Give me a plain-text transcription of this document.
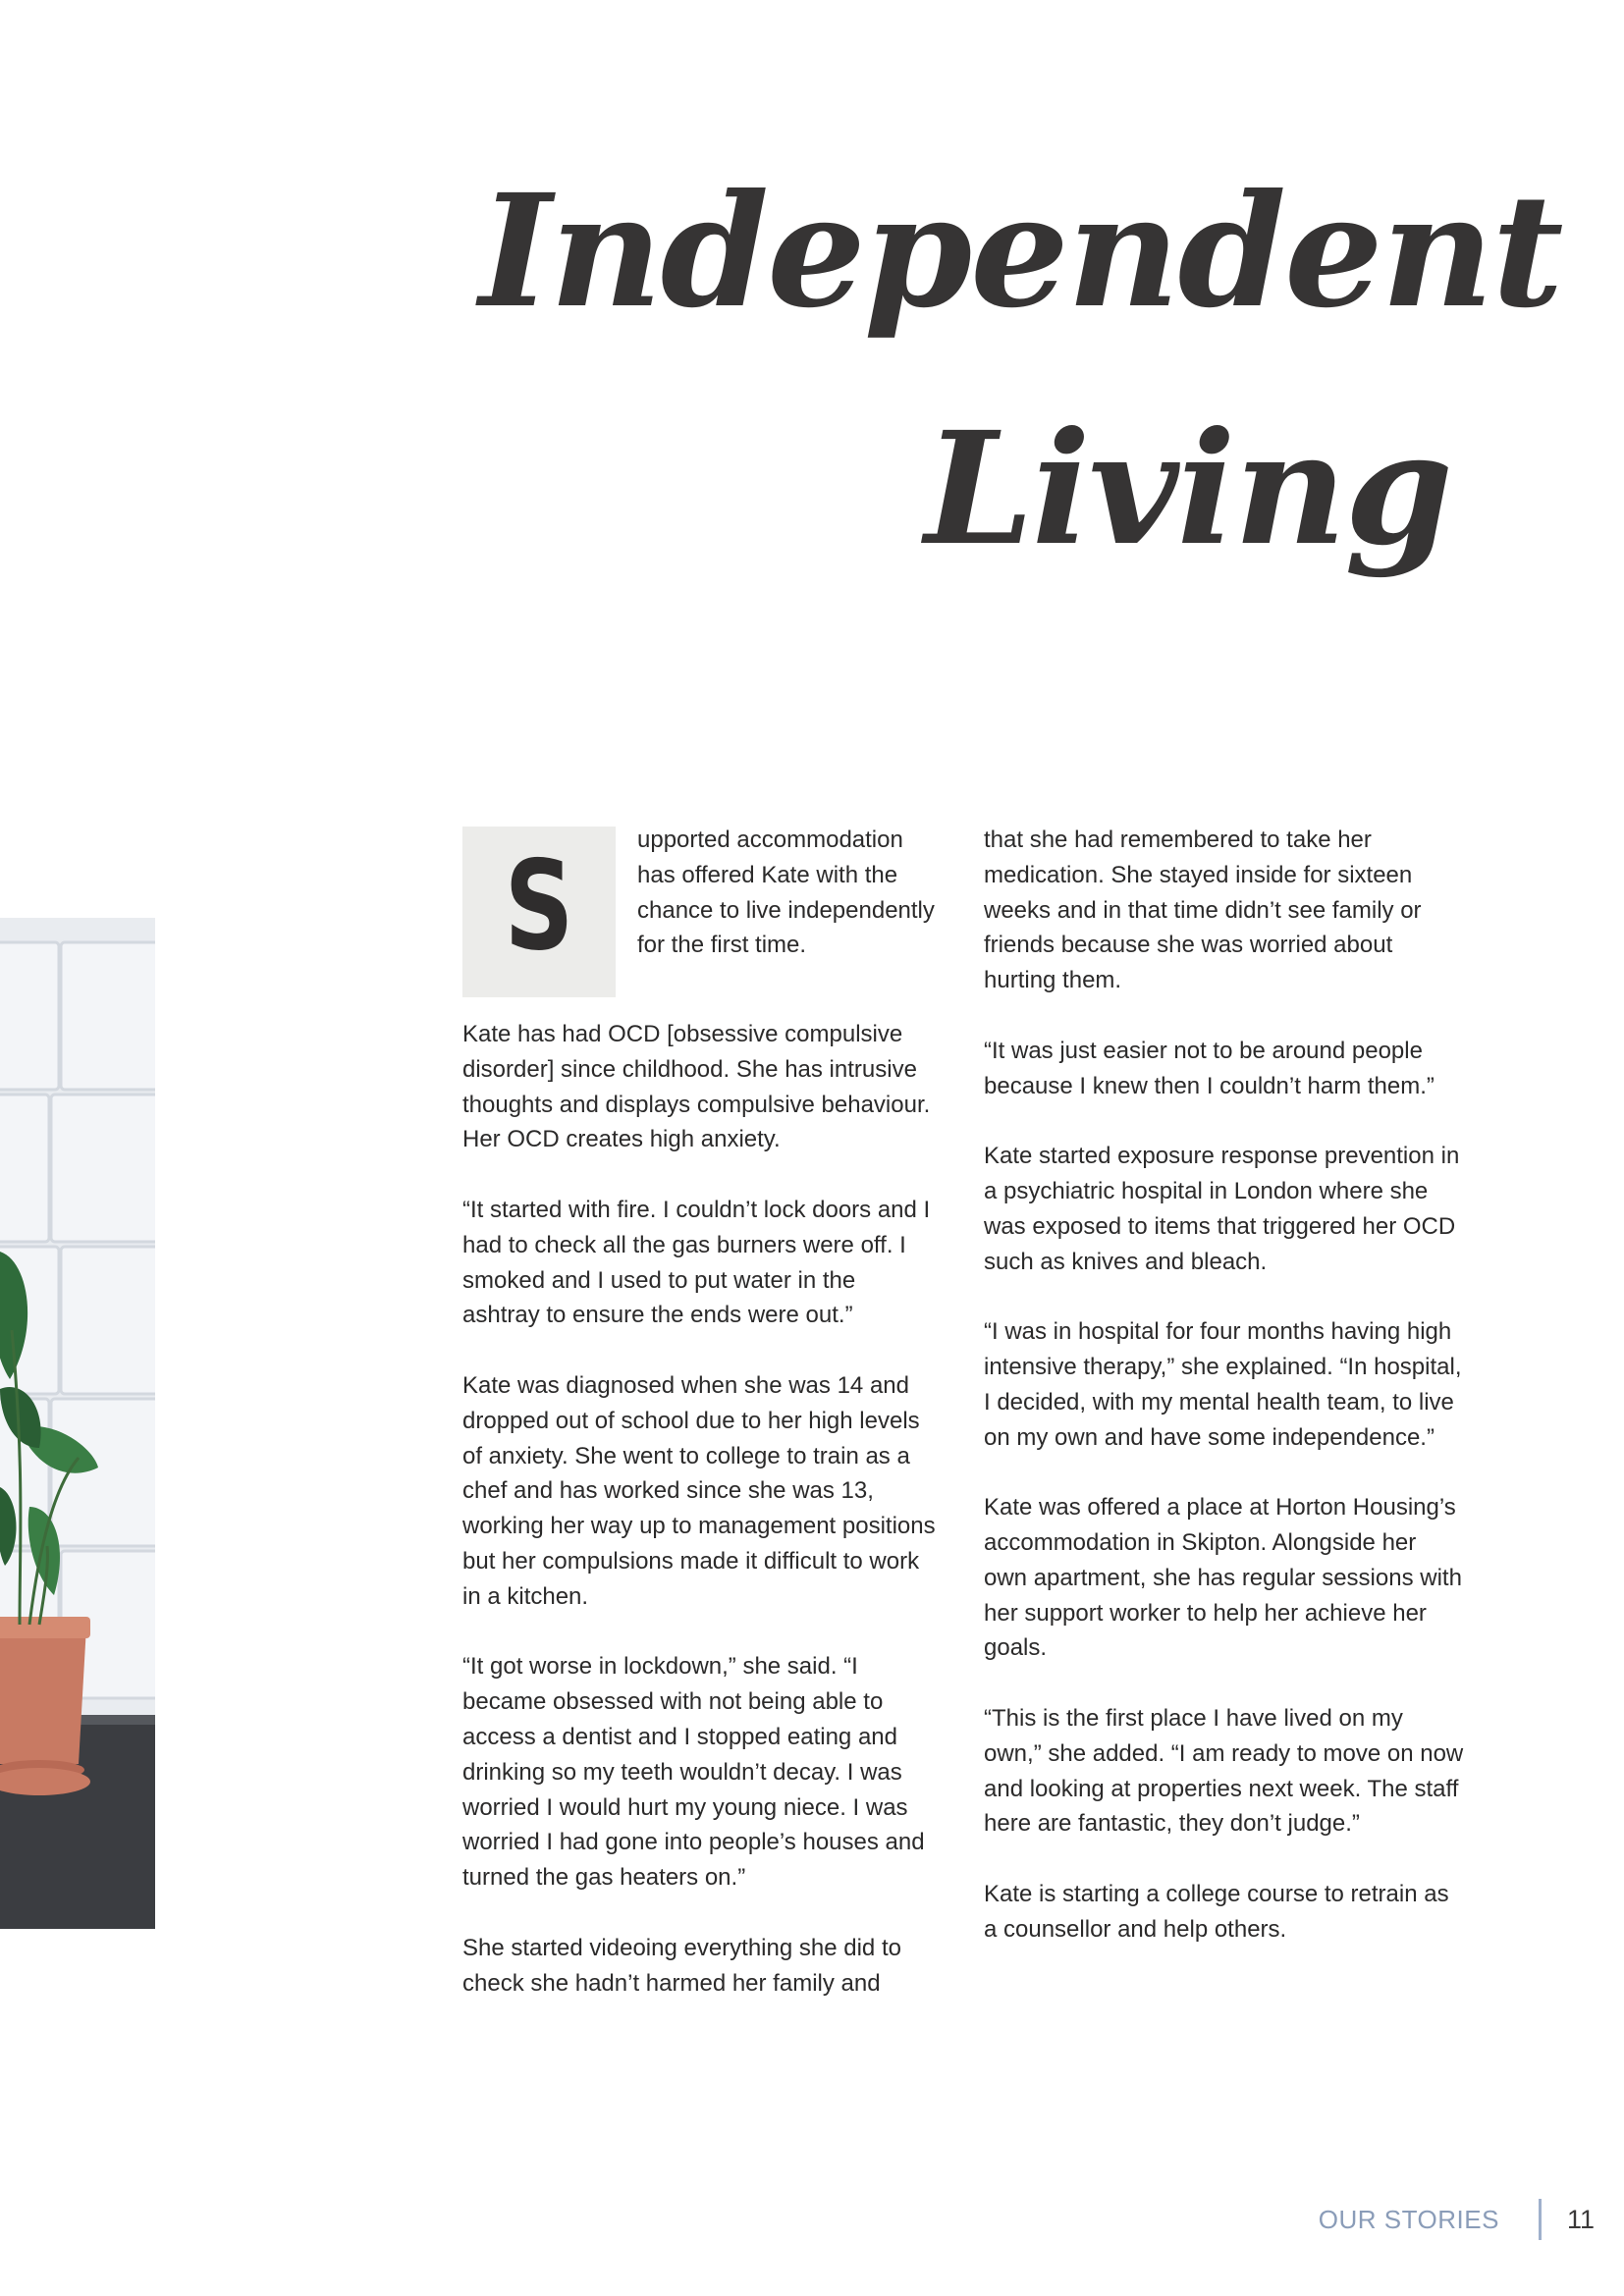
Independent
Living
S	upported accommodation has offered Kate with the chance to live independently for the first time.

Kate has had OCD [obsessive compulsive disorder] since childhood. She has intrusive thoughts and displays compulsive behaviour. Her OCD creates high anxiety.

“It started with fire. I couldn’t lock doors and I had to check all the gas burners were off. I smoked and I used to put water in the ashtray to ensure the ends were out.”

Kate was diagnosed when she was 14 and dropped out of school due to her high levels of anxiety. She went to college to train as a chef and has worked since she was 13, working her way up to management positions but her compulsions made it difficult to work in a kitchen.

“It got worse in lockdown,” she said. “I became obsessed with not being able to access a dentist and I stopped eating and drinking so my teeth wouldn’t decay. I was worried I would hurt my young niece. I was worried I had gone into people’s houses and turned the gas heaters on.”

She started videoing everything she did to check she hadn’t harmed her family and

that she had remembered to take her medication. She stayed inside for sixteen weeks and in that time didn’t see family or friends because she was worried about hurting them.

“It was just easier not to be around people because I knew then I couldn’t harm them.”

Kate started exposure response prevention in a psychiatric hospital in London where she was exposed to items that triggered her OCD such as knives and bleach.

“I was in hospital for four months having high intensive therapy,” she explained. “In hospital, I decided, with my mental health team, to live on my own and have some independence.”

Kate was offered a place at Horton Housing’s accommodation in Skipton. Alongside her own apartment, she has regular sessions with her support worker to help her achieve her goals.

“This is the first place I have lived on my own,” she added. “I am ready to move on now and looking at properties next week. The staff here are fantastic, they don’t judge.”

Kate is starting a college course to retrain as a counsellor and help others.

OUR STORIES	11
